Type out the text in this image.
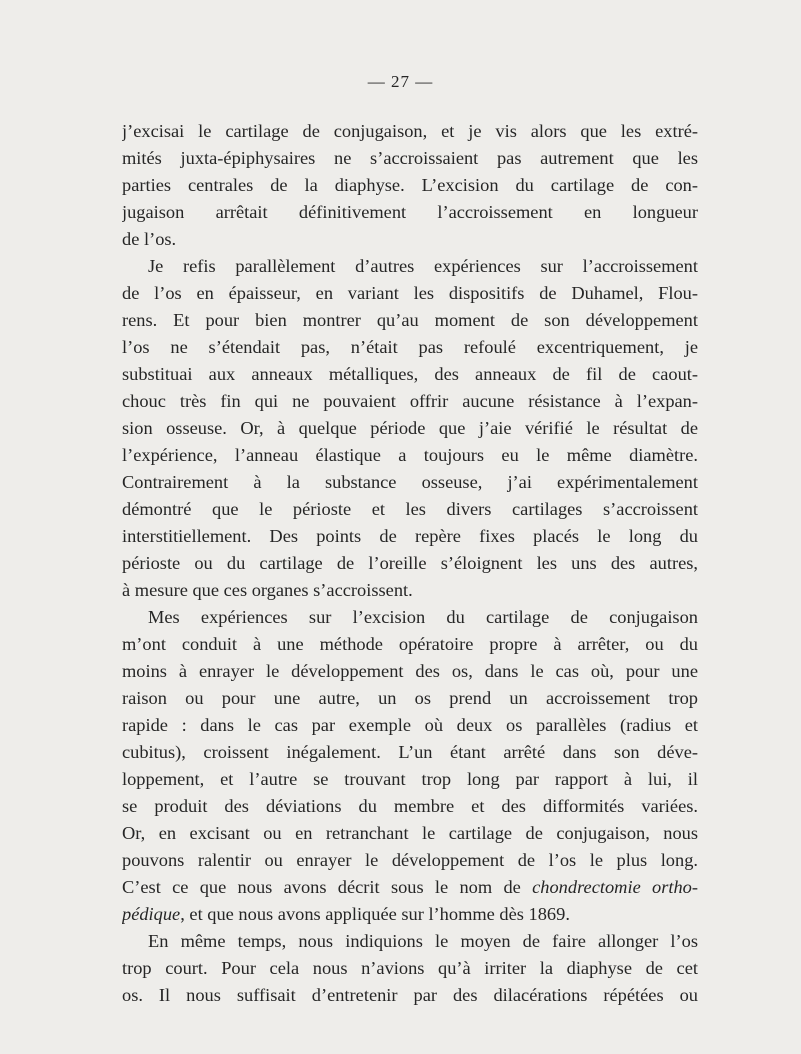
— 27 —
j’excisai le cartilage de conjugaison, et je vis alors que les extré-
mités juxta-épiphysaires ne s’accroissaient pas autrement que les
parties centrales de la diaphyse. L’excision du cartilage de con-
jugaison arrêtait définitivement l’accroissement en longueur
de l’os.
Je refis parallèlement d’autres expériences sur l’accroissement
de l’os en épaisseur, en variant les dispositifs de Duhamel, Flou-
rens. Et pour bien montrer qu’au moment de son développement
l’os ne s’étendait pas, n’était pas refoulé excentriquement, je
substituai aux anneaux métalliques, des anneaux de fil de caout-
chouc très fin qui ne pouvaient offrir aucune résistance à l’expan-
sion osseuse. Or, à quelque période que j’aie vérifié le résultat de
l’expérience, l’anneau élastique a toujours eu le même diamètre.
Contrairement à la substance osseuse, j’ai expérimentalement
démontré que le périoste et les divers cartilages s’accroissent
interstitiellement. Des points de repère fixes placés le long du
périoste ou du cartilage de l’oreille s’éloignent les uns des autres,
à mesure que ces organes s’accroissent.
Mes expériences sur l’excision du cartilage de conjugaison
m’ont conduit à une méthode opératoire propre à arrêter, ou du
moins à enrayer le développement des os, dans le cas où, pour une
raison ou pour une autre, un os prend un accroissement trop
rapide : dans le cas par exemple où deux os parallèles (radius et
cubitus), croissent inégalement. L’un étant arrêté dans son déve-
loppement, et l’autre se trouvant trop long par rapport à lui, il
se produit des déviations du membre et des difformités variées.
Or, en excisant ou en retranchant le cartilage de conjugaison, nous
pouvons ralentir ou enrayer le développement de l’os le plus long.
C’est ce que nous avons décrit sous le nom de chondrectomie ortho-
pédique, et que nous avons appliquée sur l’homme dès 1869.
En même temps, nous indiquions le moyen de faire allonger l’os
trop court. Pour cela nous n’avions qu’à irriter la diaphyse de cet
os. Il nous suffisait d’entretenir par des dilacérations répétées ou
